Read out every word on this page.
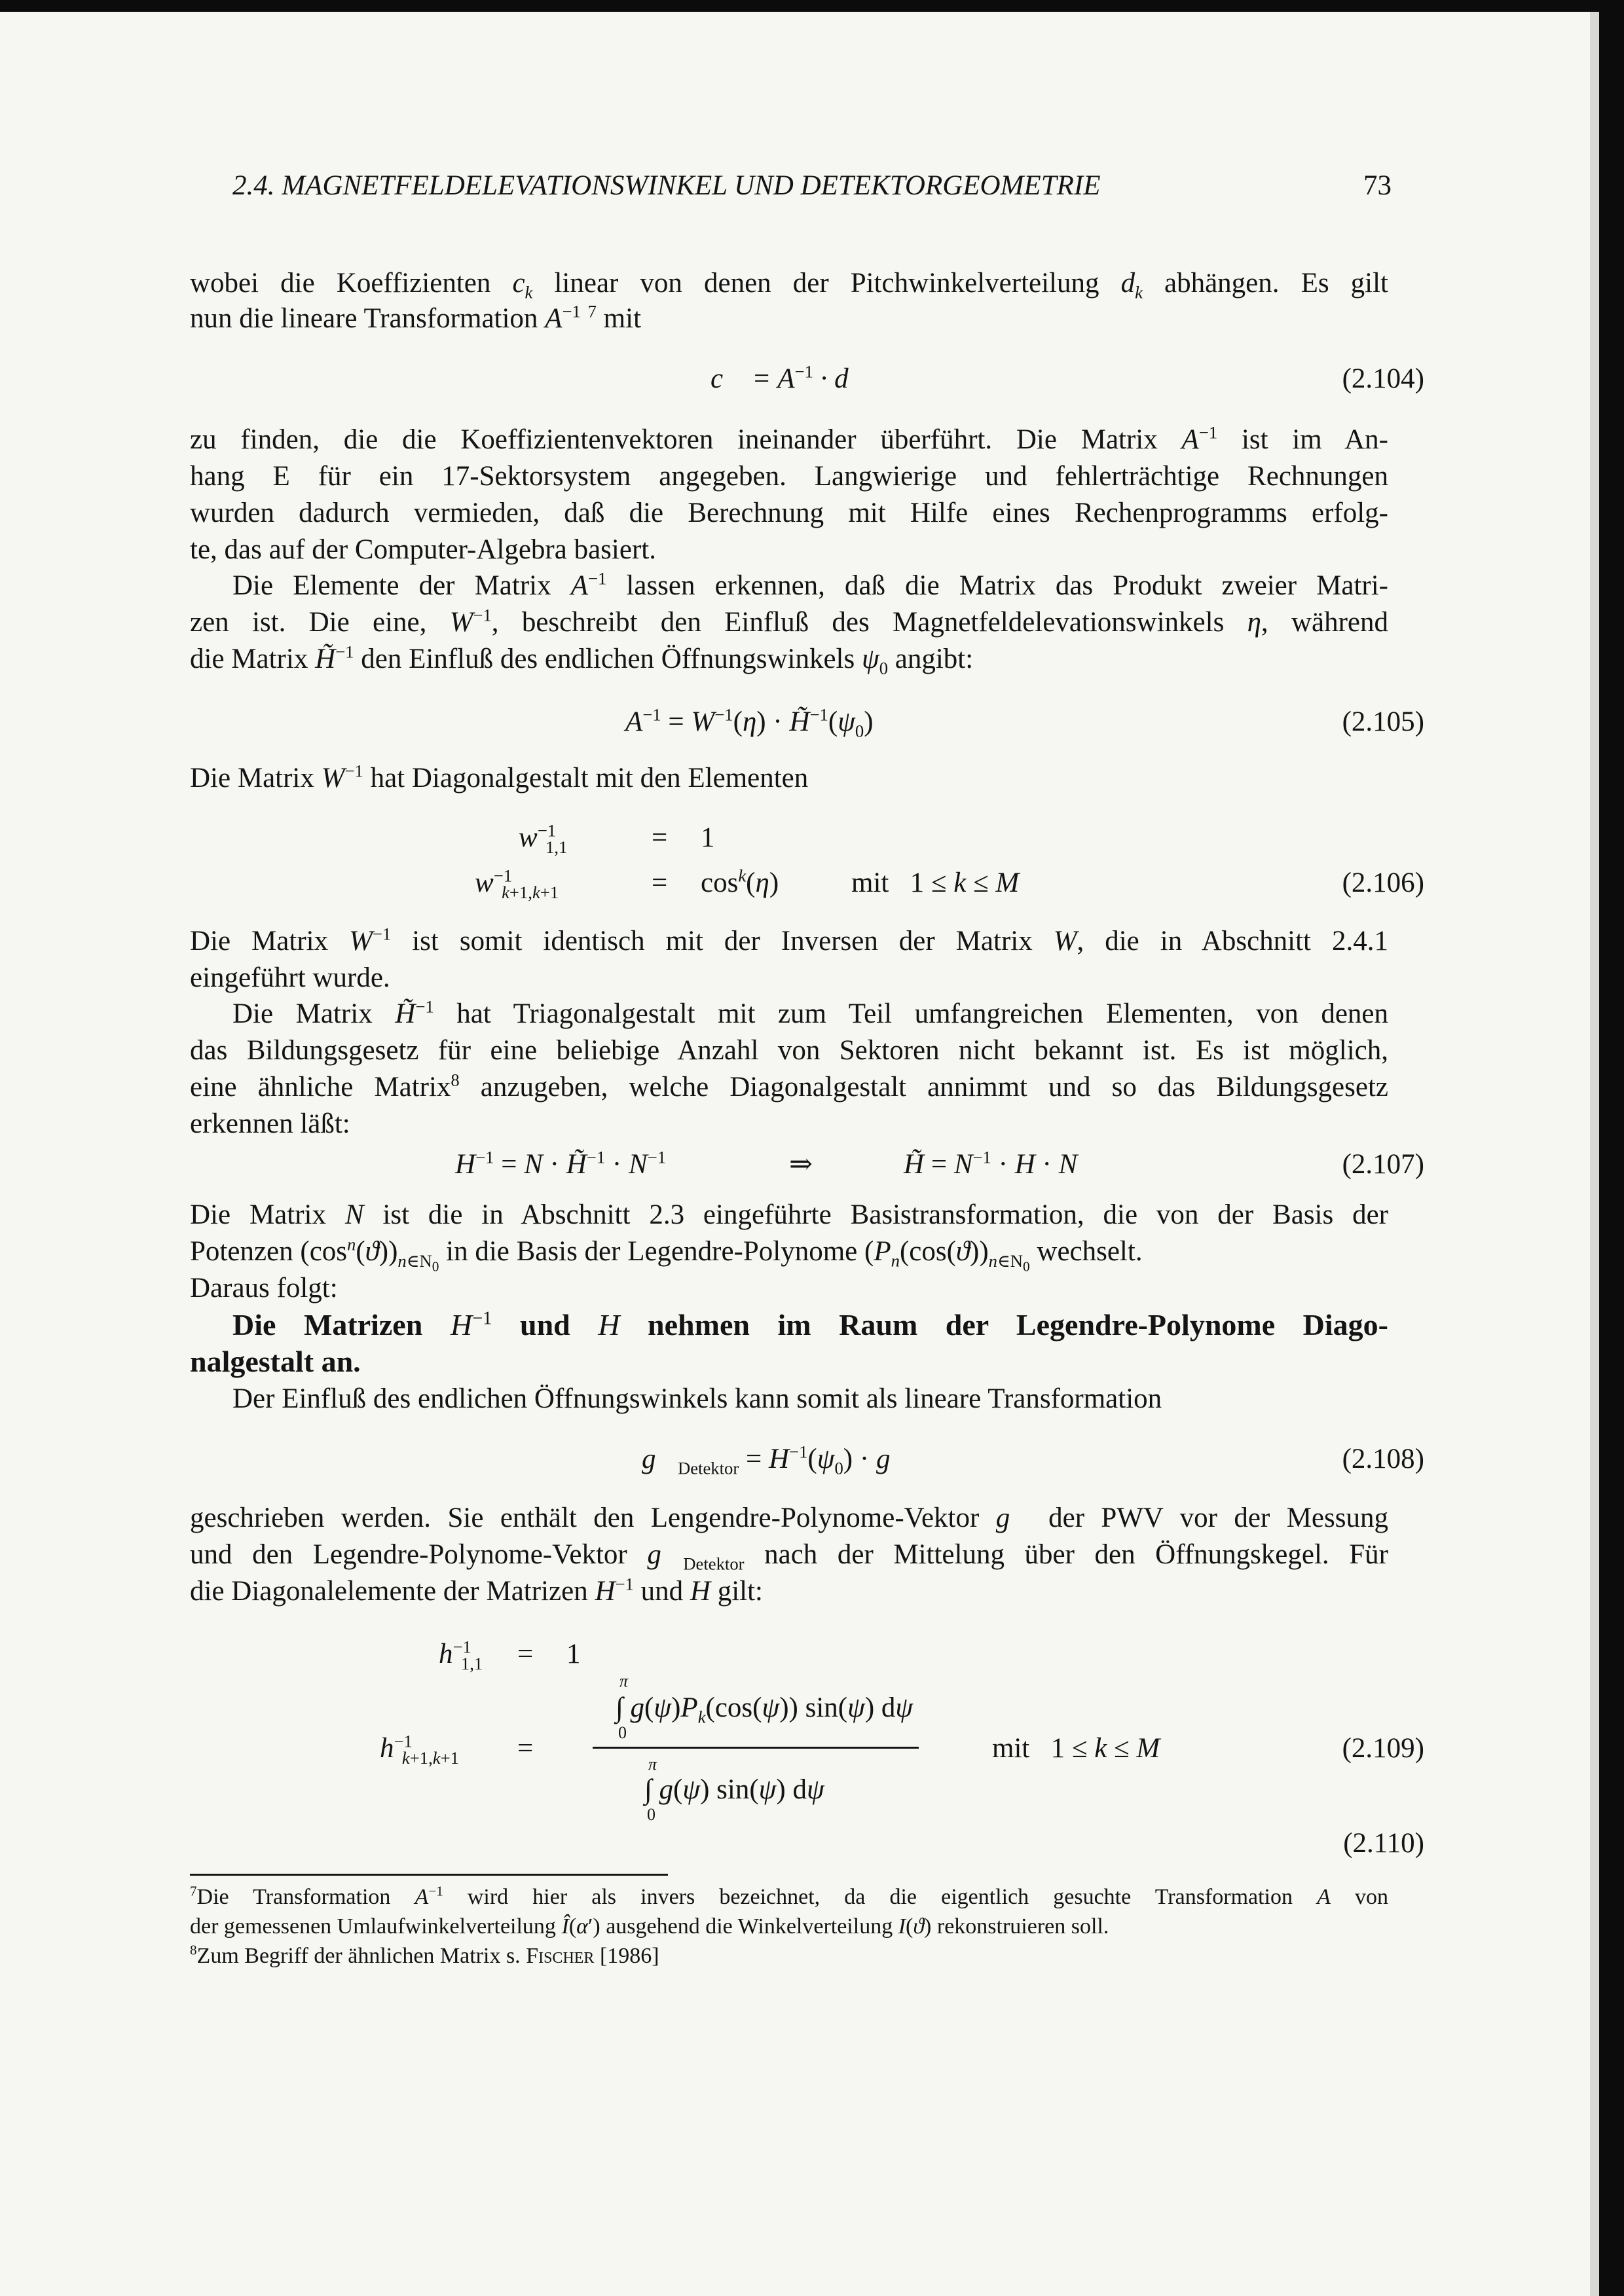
2.4. MAGNETFELDELEVATIONSWINKEL UND DETEKTORGEOMETRIE	73
wobei die Koeffizienten $c_k$ linear von denen der Pitchwinkelverteilung $d_k$ abhängen. Es gilt
nun die lineare Transformation $A^{-1}$ $^7$ mit
c⃗ = $A^{-1}$ · d⃗	(2.104)
zu finden, die die Koeffizientenvektoren ineinander überführt. Die Matrix $A^{-1}$ ist im An-
hang E für ein 17-Sektorsystem angegeben. Langwierige und fehlerträchtige Rechnungen
wurden dadurch vermieden, daß die Berechnung mit Hilfe eines Rechenprogramms erfolg-
te, das auf der Computer-Algebra basiert.
Die Elemente der Matrix $A^{-1}$ lassen erkennen, daß die Matrix das Produkt zweier Matri-
zen ist. Die eine, $W^{-1}$, beschreibt den Einfluß des Magnetfeldelevationswinkels η, während
die Matrix H̃$^{-1}$ den Einfluß des endlichen Öffnungswinkels $\psi_0$ angibt:
$A^{-1} = W^{-1}(\eta)$ · $H̃^{-1}(\psi_0)$	(2.105)
Die Matrix $W^{-1}$ hat Diagonalgestalt mit den Elementen
$w^{-1}_{1,1}$	= 1
$w^{-1}_{k+1,k+1}$	= $\cos^k(\eta)$	mit   1 ≤ k ≤ M	(2.106)
Die Matrix $W^{-1}$ ist somit identisch mit der Inversen der Matrix W, die in Abschnitt 2.4.1
eingeführt wurde.
Die Matrix H̃$^{-1}$ hat Triagonalgestalt mit zum Teil umfangreichen Elementen, von denen
das Bildungsgesetz für eine beliebige Anzahl von Sektoren nicht bekannt ist. Es ist möglich,
eine ähnliche Matrix$^8$ anzugeben, welche Diagonalgestalt annimmt und so das Bildungsgesetz
erkennen läßt:
$H^{-1} = N$ · H̃$^{-1}$ · $N^{-1}$	⇒	H̃ = $N^{-1} \cdot H \cdot N$	(2.107)
Die Matrix N ist die in Abschnitt 2.3 eingeführte Basistransformation, die von der Basis der
Potenzen $(\cos^n(ϑ))_{n\in N_0}$ in die Basis der Legendre-Polynome ($P_n(\cos(ϑ))_{n\in N_0}$ wechselt.
Daraus folgt:
Die Matrizen $H^{-1}$ und H nehmen im Raum der Legendre-Polynome Diago-
nalgestalt an.
Der Einfluß des endlichen Öffnungswinkels kann somit als lineare Transformation
$g⃗_{Detektor} = H^{-1}(\psi_0)$ · g⃗	(2.108)
geschrieben werden. Sie enthält den Lengendre-Polynome-Vektor g⃗ der PWV vor der Messung
und den Legendre-Polynome-Vektor $g⃗_{Detektor}$ nach der Mittelung über den Öffnungskegel. Für
die Diagonalelemente der Matrizen $H^{-1}$ und H gilt:
$h^{-1}_{1,1} = 1$
$h^{-1}_{k+1,k+1}$ =
π
∫ $g(\psi)P_k(\cos(\psi))$ sin(ψ) dψ
0
π
∫ g(ψ) sin(ψ) dψ
0
mit   1 ≤ k ≤ M	(2.109)
(2.110)
$^7$Die Transformation $A^{-1}$ wird hier als invers bezeichnet, da die eigentlich gesuchte Transformation A von
der gemessenen Umlaufwinkelverteilung Î(α′) ausgehend die Winkelverteilung I(ϑ) rekonstruieren soll.
$^8$Zum Begriff der ähnlichen Matrix s. Fischer [1986]
